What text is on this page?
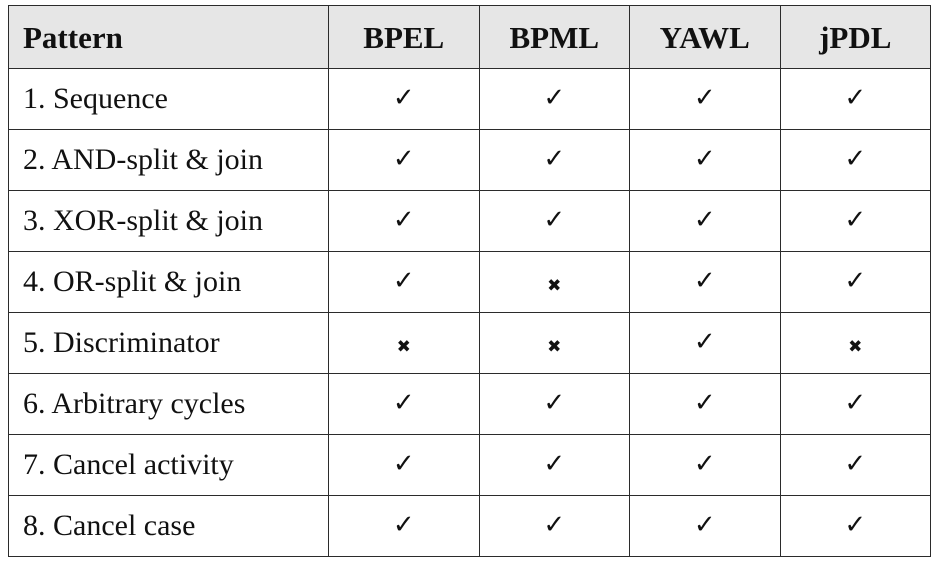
Pattern	BPEL	BPML	YAWL	jPDL
1. Sequence	✓	✓	✓	✓
2. AND-split & join	✓	✓	✓	✓
3. XOR-split & join	✓	✓	✓	✓
4. OR-split & join	✓	✖	✓	✓
5. Discriminator	✖	✖	✓	✖
6. Arbitrary cycles	✓	✓	✓	✓
7. Cancel activity	✓	✓	✓	✓
8. Cancel case	✓	✓	✓	✓
